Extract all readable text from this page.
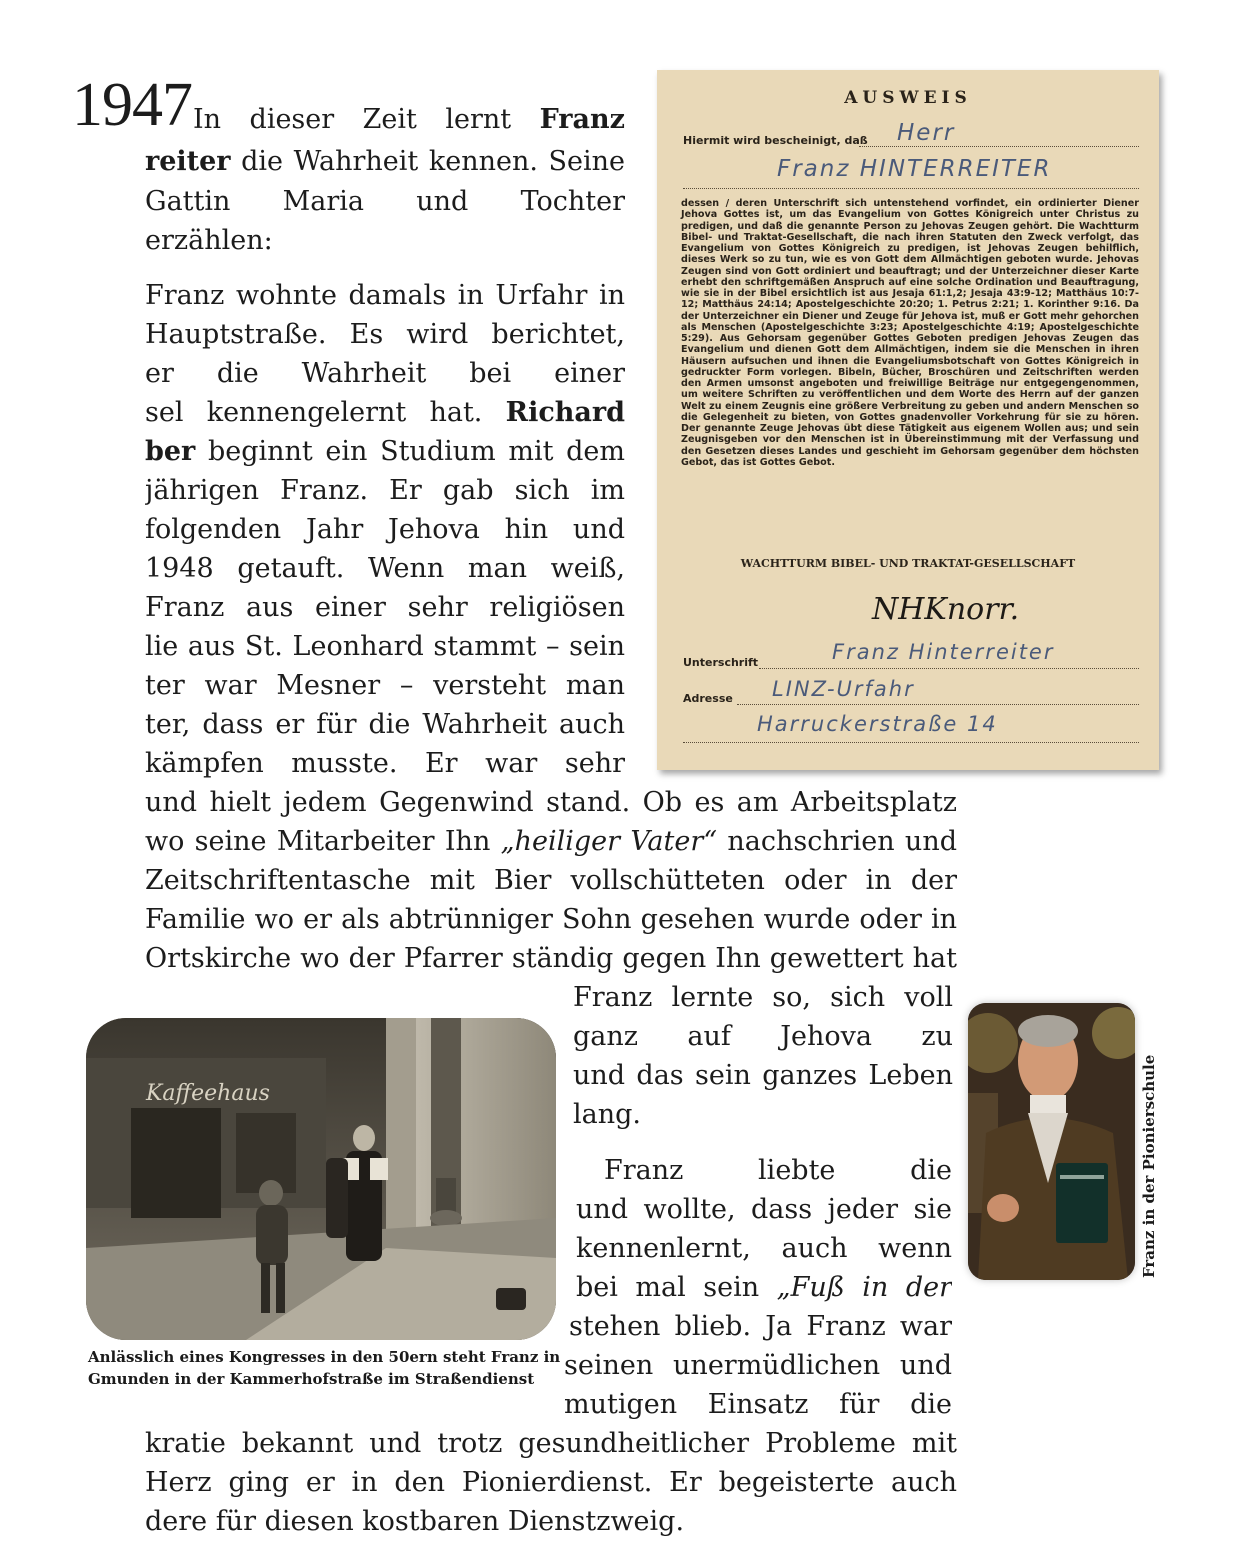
1947 In dieser Zeit lernt Franz
reiter die Wahrheit kennen. Seine
Gattin Maria und Tochter
erzählen:
Franz wohnte damals in Urfahr in
Hauptstraße. Es wird berichtet,
er die Wahrheit bei einer
sel kennengelernt hat. Richard
ber beginnt ein Studium mit dem
jährigen Franz. Er gab sich im
folgenden Jahr Jehova hin und
1948 getauft. Wenn man weiß,
Franz aus einer sehr religiösen
lie aus St. Leonhard stammt – sein
ter war Mesner – versteht man
ter, dass er für die Wahrheit auch
kämpfen musste. Er war sehr
und hielt jedem Gegenwind stand. Ob es am Arbeitsplatz
wo seine Mitarbeiter Ihn „heiliger Vater“ nachschrien und
Zeitschriftentasche mit Bier vollschütteten oder in der
Familie wo er als abtrünniger Sohn gesehen wurde oder in
Ortskirche wo der Pfarrer ständig gegen Ihn gewettert hat
Franz lernte so, sich voll
ganz auf Jehova zu
und das sein ganzes Leben
lang.
Franz liebte die
und wollte, dass jeder sie
kennenlernt, auch wenn
bei mal sein „Fuß in der
stehen blieb. Ja Franz war
seinen unermüdlichen und
mutigen Einsatz für die
kratie bekannt und trotz gesundheitlicher Probleme mit
Herz ging er in den Pionierdienst. Er begeisterte auch
dere für diesen kostbaren Dienstzweig.
AUSWEIS
Hiermit wird bescheinigt, daß Herr
Franz HINTERREITER
dessen / deren Unterschrift sich untenstehend vorfindet, ein ordinierter Diener Jehova Gottes ist, um das Evangelium von Gottes Königreich unter Christus zu predigen, und daß die genannte Person zu Jehovas Zeugen gehört. Die Wachtturm Bibel- und Traktat-Gesellschaft, die nach ihren Statuten den Zweck verfolgt, das Evangelium von Gottes Königreich zu predigen, ist Jehovas Zeugen behilflich, dieses Werk so zu tun, wie es von Gott dem Allmächtigen geboten wurde. Jehovas Zeugen sind von Gott ordiniert und beauftragt; und der Unterzeichner dieser Karte erhebt den schriftgemäßen Anspruch auf eine solche Ordination und Beauftragung, wie sie in der Bibel ersichtlich ist aus Jesaja 61:1,2; Jesaja 43:9-12; Matthäus 10:7-12; Matthäus 24:14; Apostelgeschichte 20:20; 1. Petrus 2:21; 1. Korinther 9:16. Da der Unterzeichner ein Diener und Zeuge für Jehova ist, muß er Gott mehr gehorchen als Menschen (Apostelgeschichte 3:23; Apostelgeschichte 4:19; Apostelgeschichte 5:29). Aus Gehorsam gegenüber Gottes Geboten predigen Jehovas Zeugen das Evangelium und dienen Gott dem Allmächtigen, indem sie die Menschen in ihren Häusern aufsuchen und ihnen die Evangeliumsbotschaft von Gottes Königreich in gedruckter Form vorlegen. Bibeln, Bücher, Broschüren und Zeitschriften werden den Armen umsonst angeboten und freiwillige Beiträge nur entgegengenommen, um weitere Schriften zu veröffentlichen und dem Worte des Herrn auf der ganzen Welt zu einem Zeugnis eine größere Verbreitung zu geben und andern Menschen so die Gelegenheit zu bieten, von Gottes gnadenvoller Vorkehrung für sie zu hören. Der genannte Zeuge Jehovas übt diese Tätigkeit aus eigenem Wollen aus; und sein Zeugnisgeben vor den Menschen ist in Übereinstimmung mit der Verfassung und den Gesetzen dieses Landes und geschieht im Gehorsam gegenüber dem höchsten Gebot, das ist Gottes Gebot.
WACHTTURM BIBEL- UND TRAKTAT-GESELLSCHAFT
NHKnorr.
Unterschrift	Franz Hinterreiter
Adresse LINZ-Urfahr
Harruckerstraße 14
Kaffeehaus
Anlässlich eines Kongresses in den 50ern steht Franz in
Gmunden in der Kammerhofstraße im Straßendienst
Franz in der Pionierschule
